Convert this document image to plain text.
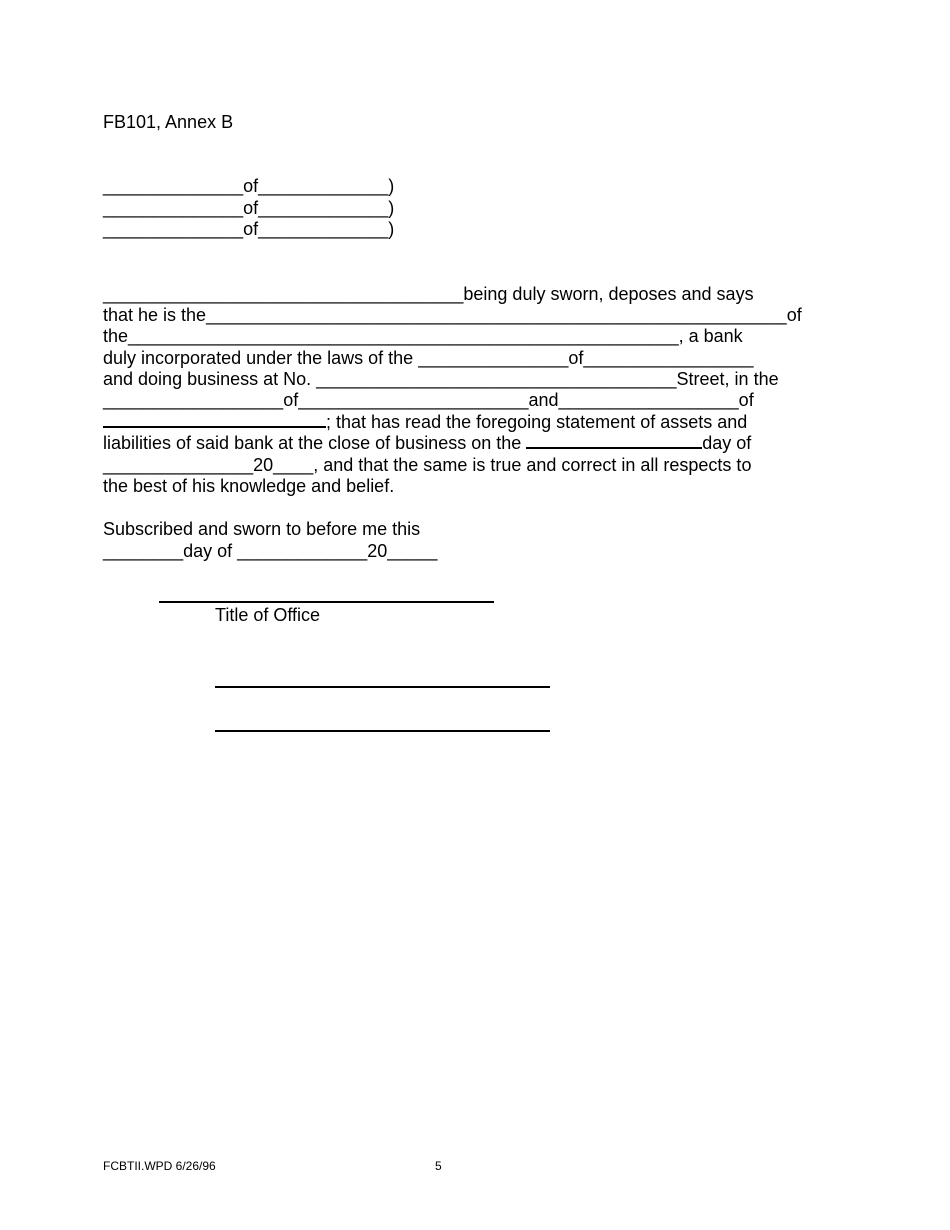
FB101, Annex B
______________of_____________)
______________of_____________)
______________of_____________)
____________________________________being duly sworn, deposes and says
that he is the__________________________________________________________of
the_______________________________________________________, a bank
duly incorporated under the laws of the _______________of_________________
and doing business at No. ____________________________________Street, in the
__________________of_______________________and__________________of
; that has read the foregoing statement of assets and
liabilities of said bank at the close of business on the	day of
_______________20____, and that the same is true and correct in all respects to
the best of his knowledge and belief.
Subscribed and sworn to before me this
________day of _____________20_____
Title of Office
FCBTII.WPD 6/26/96	5
